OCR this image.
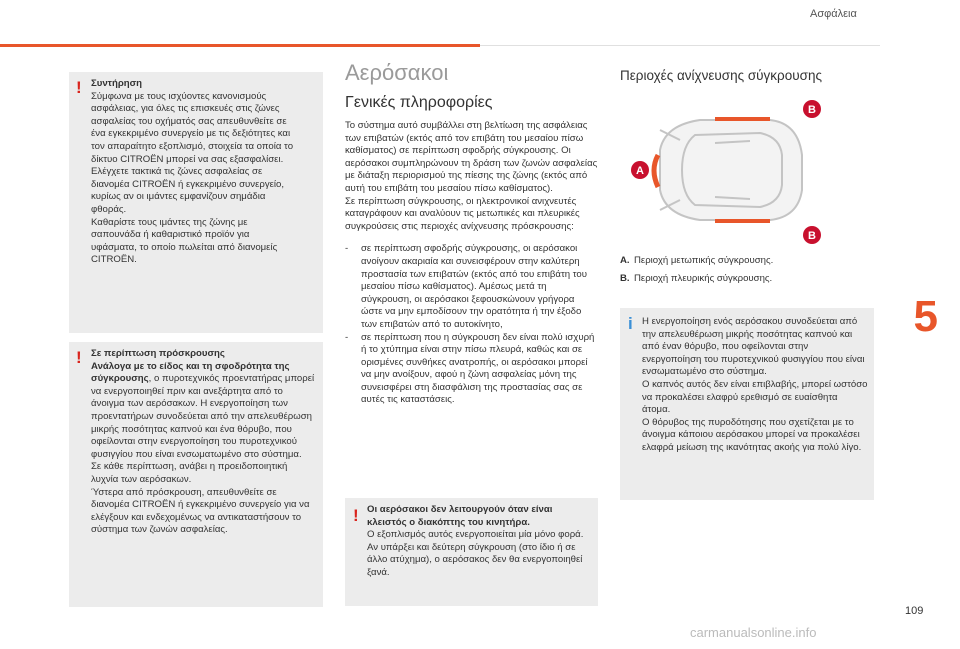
Ασφάλεια
5
109
carmanualsonline.info
! Συντήρηση

Σύμφωνα με τους ισχύοντες κανονισμούς
ασφάλειας, για όλες τις επισκευές στις ζώνες
ασφαλείας του οχήματός σας απευθυνθείτε σε
ένα εγκεκριμένο συνεργείο με τις δεξιότητες και
τον απαραίτητο εξοπλισμό, στοιχεία τα οποία το
δίκτυο CITROËN μπορεί να σας εξασφαλίσει.
Ελέγχετε τακτικά τις ζώνες ασφαλείας σε
διανομέα CITROËN ή εγκεκριμένο συνεργείο,
κυρίως αν οι ιμάντες εμφανίζουν σημάδια
φθοράς.
Καθαρίστε τους ιμάντες της ζώνης με
σαπουνάδα ή καθαριστικό προϊόν για
υφάσματα, το οποίο πωλείται από διανομείς
CITROËN.
! Σε περίπτωση πρόσκρουσης

Ανάλογα με το είδος και τη σφοδρότητα της σύγκρουσης, ο πυροτεχνικός προεντατήρας μπορεί να ενεργοποιηθεί πριν και ανεξάρτητα από το άνοιγμα των αερόσακων. Η ενεργοποίηση των προεντατήρων συνοδεύεται από την απελευθέρωση μικρής ποσότητας καπνού και ένα θόρυβο, που οφείλονται στην ενεργοποίηση του πυροτεχνικού φυσιγγίου που είναι ενσωματωμένο στο σύστημα.

Σε κάθε περίπτωση, ανάβει η προειδοποιητική λυχνία των αερόσακων.

Ύστερα από πρόσκρουση, απευθυνθείτε σε διανομέα CITROËN ή εγκεκριμένο συνεργείο για να ελέγξουν και ενδεχομένως να αντικαταστήσουν το σύστημα των ζωνών ασφαλείας.

Αερόσακοι
Γενικές πληροφορίες

Το σύστημα αυτό συμβάλλει στη βελτίωση της ασφάλειας των επιβατών (εκτός από τον επιβάτη του μεσαίου πίσω καθίσματος) σε περίπτωση σφοδρής σύγκρουσης. Οι αερόσακοι συμπληρώνουν τη δράση των ζωνών ασφαλείας με διάταξη περιορισμού της πίεσης της ζώνης (εκτός από αυτή του επιβάτη του μεσαίου πίσω καθίσματος).

Σε περίπτωση σύγκρουσης, οι ηλεκτρονικοί ανιχνευτές καταγράφουν και αναλύουν τις μετωπικές και πλευρικές συγκρούσεις στις περιοχές ανίχνευσης πρόσκρουσης:

- σε περίπτωση σφοδρής σύγκρουσης, οι αερόσακοι ανοίγουν ακαριαία και συνεισφέρουν στην καλύτερη προστασία των επιβατών (εκτός από του επιβάτη του μεσαίου πίσω καθίσματος). Αμέσως μετά τη σύγκρουση, οι αερόσακοι ξεφουσκώνουν γρήγορα ώστε να μην εμποδίσουν την ορατότητα ή την έξοδο των επιβατών από το αυτοκίνητο,
- σε περίπτωση που η σύγκρουση δεν είναι πολύ ισχυρή ή το χτύπημα είναι στην πίσω πλευρά, καθώς και σε ορισμένες συνθήκες ανατροπής, οι αερόσακοι μπορεί να μην ανοίξουν, αφού η ζώνη ασφαλείας μόνη της συνεισφέρει στη διασφάλιση της προστασίας σας σε αυτές τις καταστάσεις.
! Οι αερόσακοι δεν λειτουργούν όταν είναι κλειστός ο διακόπτης του κινητήρα.

Ο εξοπλισμός αυτός ενεργοποιείται μία μόνο φορά. Αν υπάρξει και δεύτερη σύγκρουση (στο ίδιο ή σε άλλο ατύχημα), ο αερόσακος δεν θα ενεργοποιηθεί ξανά.

Περιοχές ανίχνευσης σύγκρουσης

B
A
B
A. Περιοχή μετωπικής σύγκρουσης.
B. Περιοχή πλευρικής σύγκρουσης.
i Η ενεργοποίηση ενός αερόσακου συνοδεύεται από την απελευθέρωση μικρής ποσότητας καπνού και από έναν θόρυβο, που οφείλονται στην ενεργοποίηση του πυροτεχνικού φυσιγγίου που είναι ενσωματωμένο στο σύστημα.

Ο καπνός αυτός δεν είναι επιβλαβής, μπορεί ωστόσο να προκαλέσει ελαφρύ ερεθισμό σε ευαίσθητα άτομα.

Ο θόρυβος της πυροδότησης που σχετίζεται με το άνοιγμα κάποιου αερόσακου μπορεί να προκαλέσει ελαφρά μείωση της ικανότητας ακοής για πολύ λίγο.
